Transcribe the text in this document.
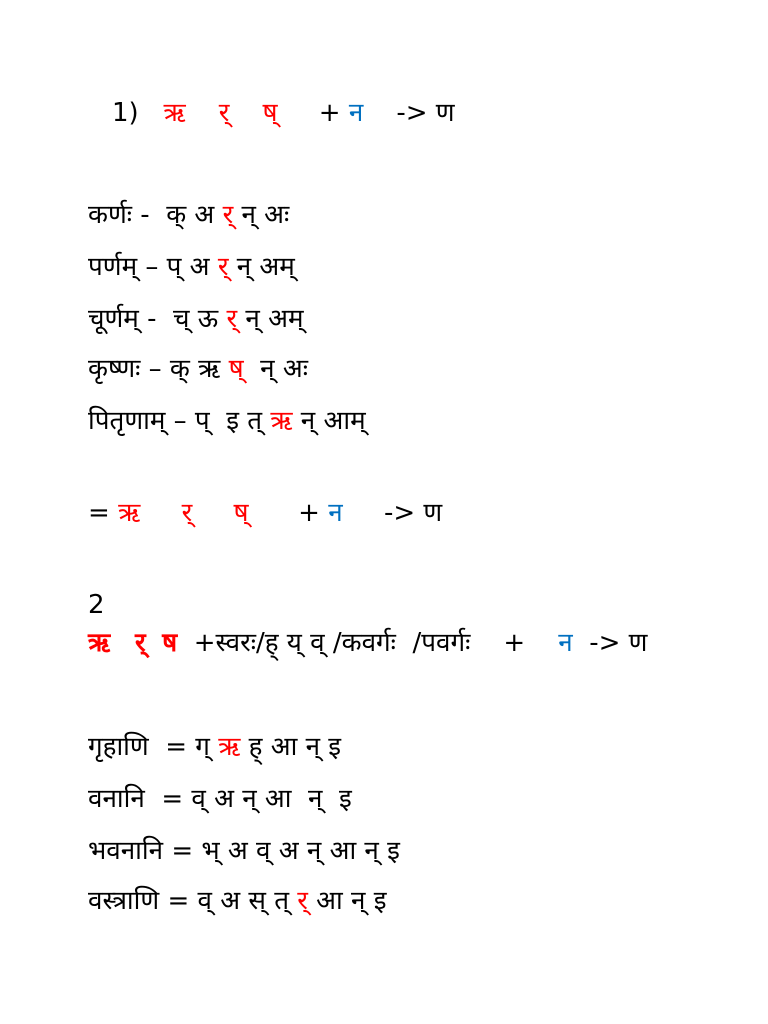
1)   ऋ र् ष्     + न    -> ण
कर्णः -  क् अ र् न् अः
पर्णम् – प् अ र् न् अम्
चूर्णम् -  च् ऊ र् न् अम्
कृष्णः – क् ऋ ष्  न् अः
पितृणाम् – प्  इ त् ऋ न् आम्
= ऋ र् ष्      + न     -> ण
2
ऋ र् ष  +स्वरः/ह् य् व् /कवर्गः  /पवर्गः    +    न  -> ण
गृहाणि  = ग् ऋ ह् आ न् इ
वनानि  = व् अ न् आ  न्  इ
भवनानि = भ् अ व् अ न् आ न् इ
वस्त्राणि = व् अ स् त् र् आ न् इ
